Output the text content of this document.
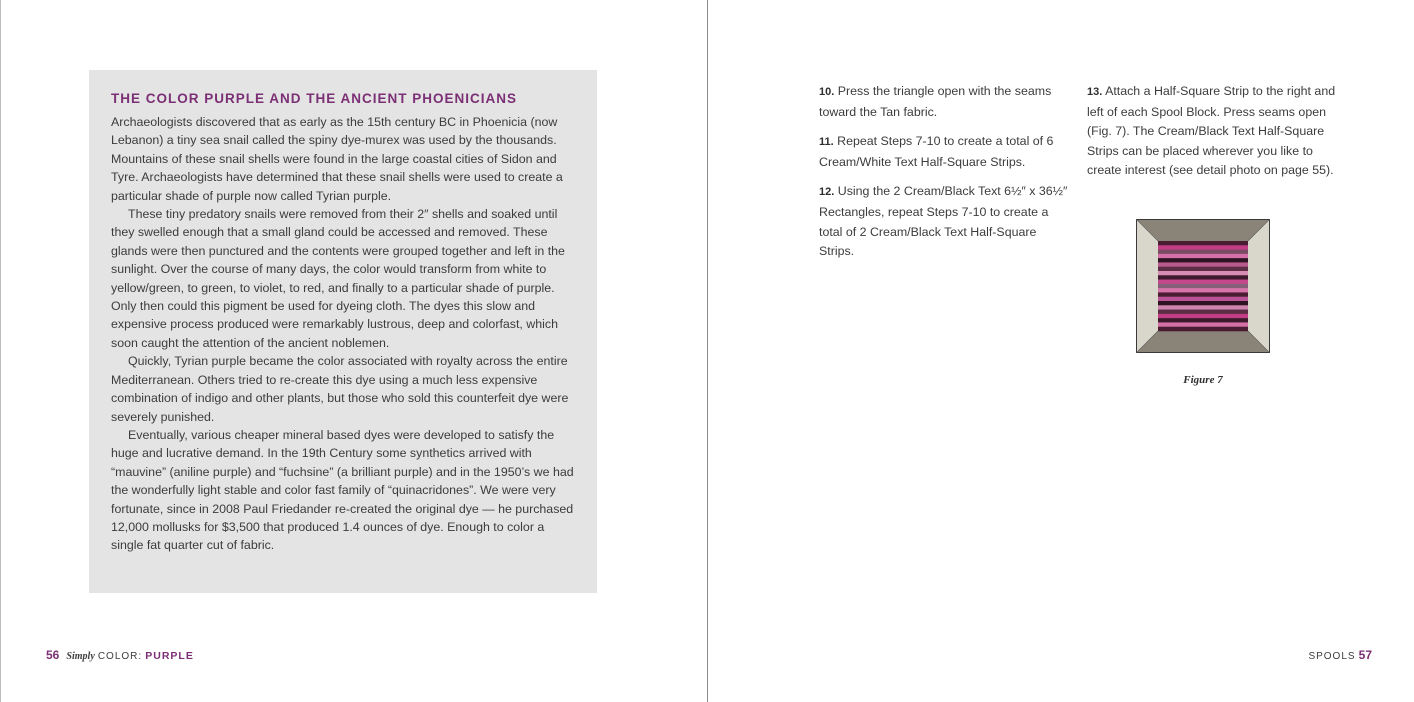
THE COLOR PURPLE AND THE ANCIENT PHOENICIANS

Archaeologists discovered that as early as the 15th century BC in Phoenicia (now Lebanon) a tiny sea snail called the spiny dye-murex was used by the thousands. Mountains of these snail shells were found in the large coastal cities of Sidon and Tyre. Archaeologists have determined that these snail shells were used to create a particular shade of purple now called Tyrian purple.

These tiny predatory snails were removed from their 2″ shells and soaked until they swelled enough that a small gland could be accessed and removed. These glands were then punctured and the contents were grouped together and left in the sunlight. Over the course of many days, the color would transform from white to yellow/green, to green, to violet, to red, and finally to a particular shade of purple. Only then could this pigment be used for dyeing cloth. The dyes this slow and expensive process produced were remarkably lustrous, deep and colorfast, which soon caught the attention of the ancient noblemen.

Quickly, Tyrian purple became the color associated with royalty across the entire Mediterranean. Others tried to re-create this dye using a much less expensive combination of indigo and other plants, but those who sold this counterfeit dye were severely punished.

Eventually, various cheaper mineral based dyes were developed to satisfy the huge and lucrative demand. In the 19th Century some synthetics arrived with “mauvine” (aniline purple) and “fuchsine” (a brilliant purple) and in the 1950’s we had the wonderfully light stable and color fast family of “quinacridones”. We were very fortunate, since in 2008 Paul Friedander re-created the original dye — he purchased 12,000 mollusks for $3,500 that produced 1.4 ounces of dye. Enough to color a single fat quarter cut of fabric.

10. Press the triangle open with the seams toward the Tan fabric.
11. Repeat Steps 7-10 to create a total of 6 Cream/White Text Half-Square Strips.
12. Using the 2 Cream/Black Text 6½″ x 36½″ Rectangles, repeat Steps 7-10 to create a total of 2 Cream/Black Text Half-Square Strips.
13. Attach a Half-Square Strip to the right and left of each Spool Block. Press seams open (Fig. 7). The Cream/Black Text Half-Square Strips can be placed wherever you like to create interest (see detail photo on page 55).
Figure 7
56 Simply COLOR: PURPLE	SPOOLS 57
